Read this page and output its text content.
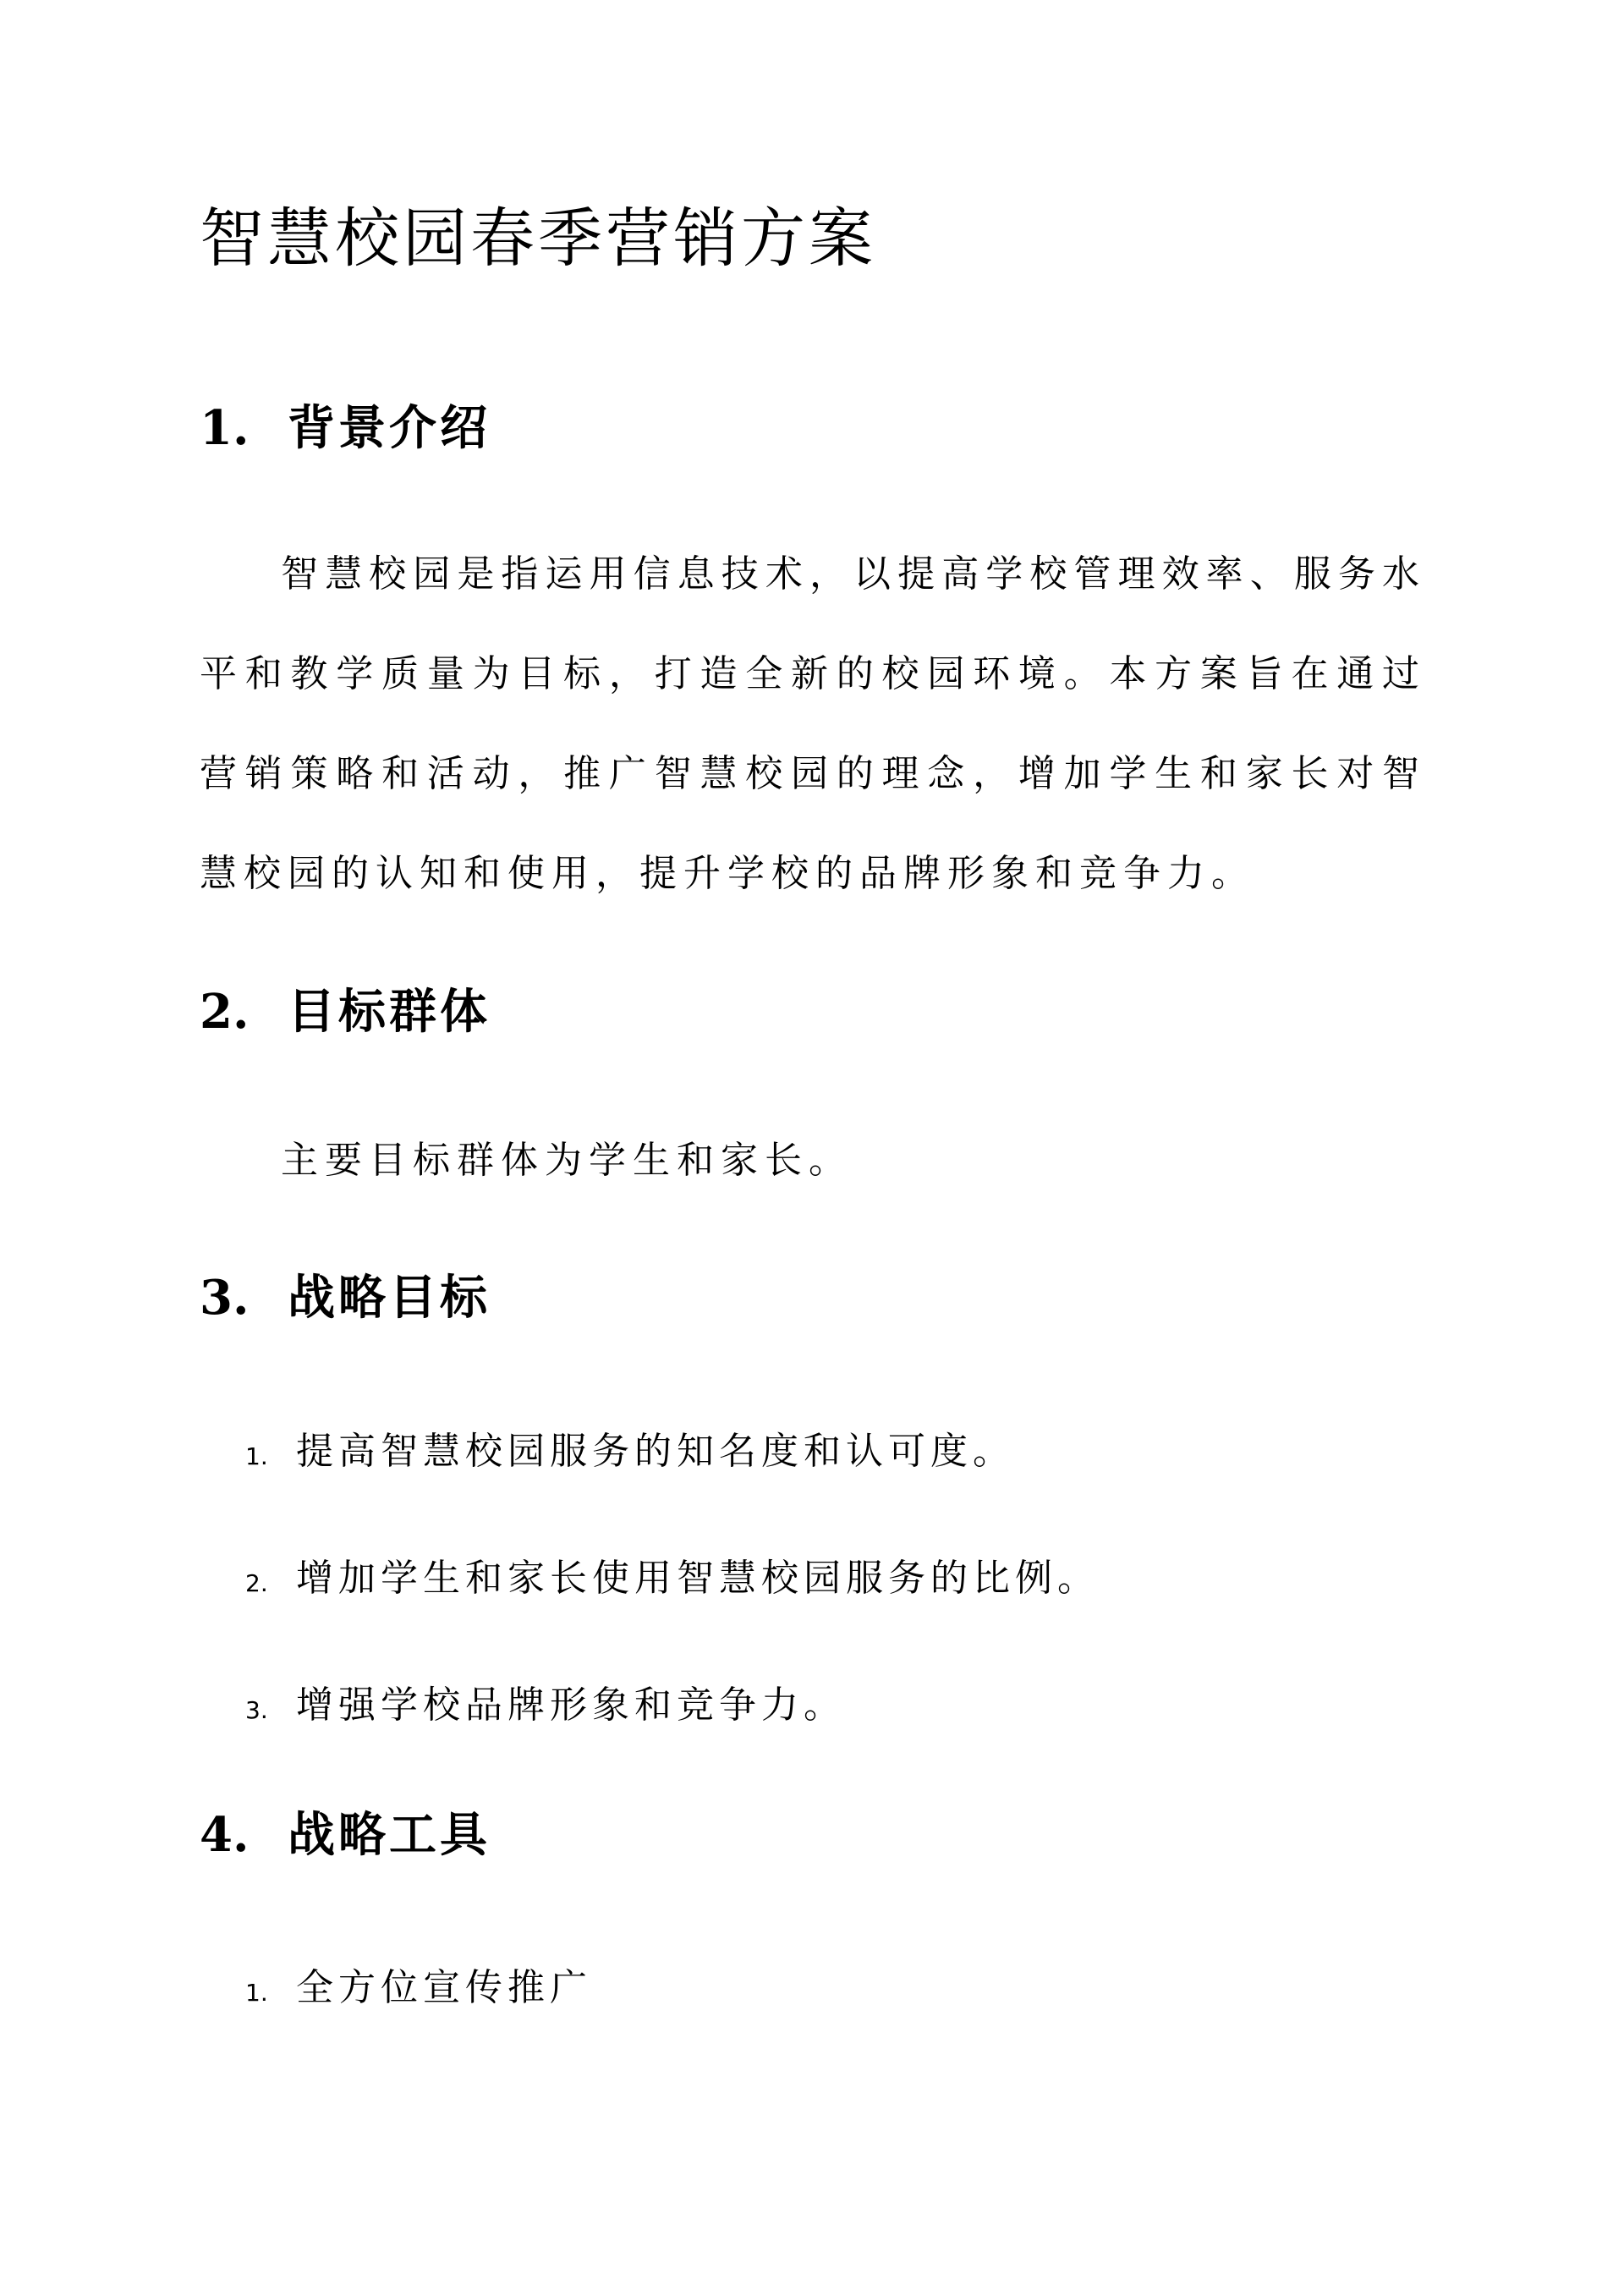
智慧校园春季营销方案
1. 背景介绍

智慧校园是指运用信息技术，以提高学校管理效率、服务水平和教学质量为目标，打造全新的校园环境。本方案旨在通过营销策略和活动，推广智慧校园的理念，增加学生和家长对智慧校园的认知和使用，提升学校的品牌形象和竞争力。

2. 目标群体

主要目标群体为学生和家长。

3. 战略目标
1. 提高智慧校园服务的知名度和认可度。
2. 增加学生和家长使用智慧校园服务的比例。
3. 增强学校品牌形象和竞争力。
4. 战略工具
1. 全方位宣传推广
